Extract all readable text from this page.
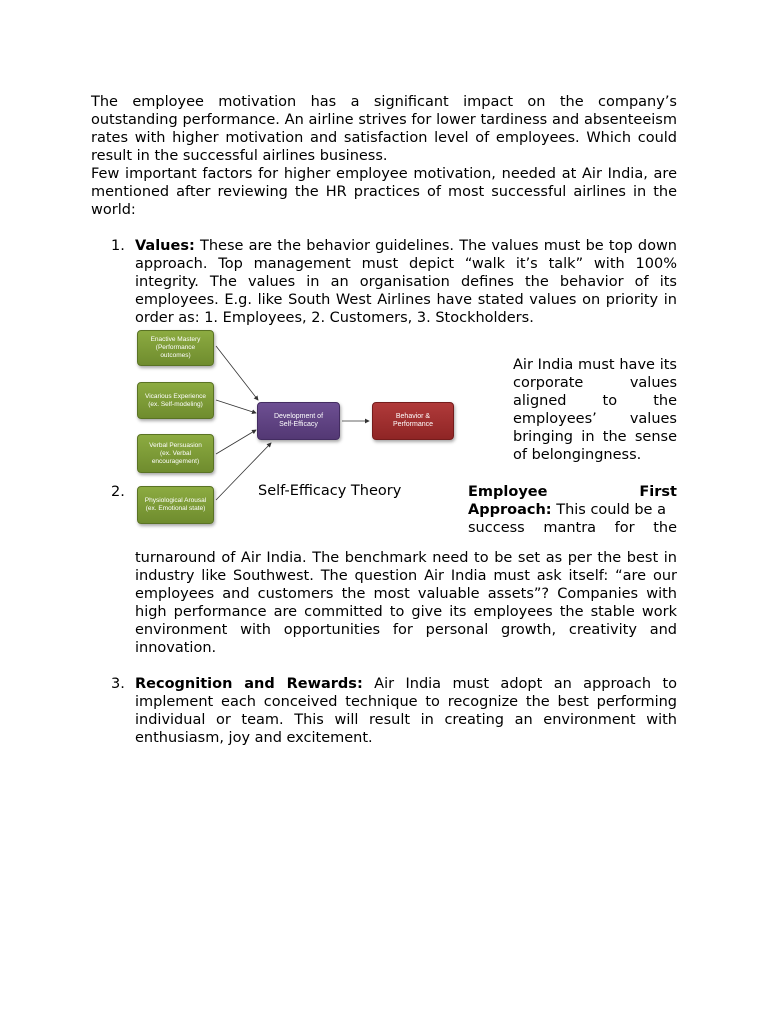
The employee motivation has a significant impact on the company’s outstanding performance. An airline strives for lower tardiness and absenteeism rates with higher motivation and satisfaction level of employees. Which could result in the successful airlines business.

Few important factors for higher employee motivation, needed at Air India, are mentioned after reviewing the HR practices of most successful airlines in the world:

1. Values: These are the behavior guidelines. The values must be top down approach. Top management must depict “walk it’s talk” with 100% integrity. The values in an organisation defines the behavior of its employees. E.g. like South West Airlines have stated values on priority in order as: 1. Employees, 2. Customers, 3. Stockholders.

Enactive Mastery
(Performance
outcomes)
Vicarious Experience
(ex. Self-modeling)
Verbal Persuasion
(ex. Verbal
encouragement)
Physiological Arousal
(ex. Emotional state)
Development of
Self-Efficacy
Behavior &
Performance
Self-Efficacy Theory
Air India must have its corporate values aligned to the employees’ values bringing in the sense of belongingness.
2.	Employee First
Approach: This could be a
success mantra for the

turnaround of Air India. The benchmark need to be set as per the best in industry like Southwest. The question Air India must ask itself: “are our employees and customers the most valuable assets”? Companies with high performance are committed to give its employees the stable work environment with opportunities for personal growth, creativity and innovation.

3. Recognition and Rewards: Air India must adopt an approach to implement each conceived technique to recognize the best performing individual or team. This will result in creating an environment with enthusiasm, joy and excitement.
